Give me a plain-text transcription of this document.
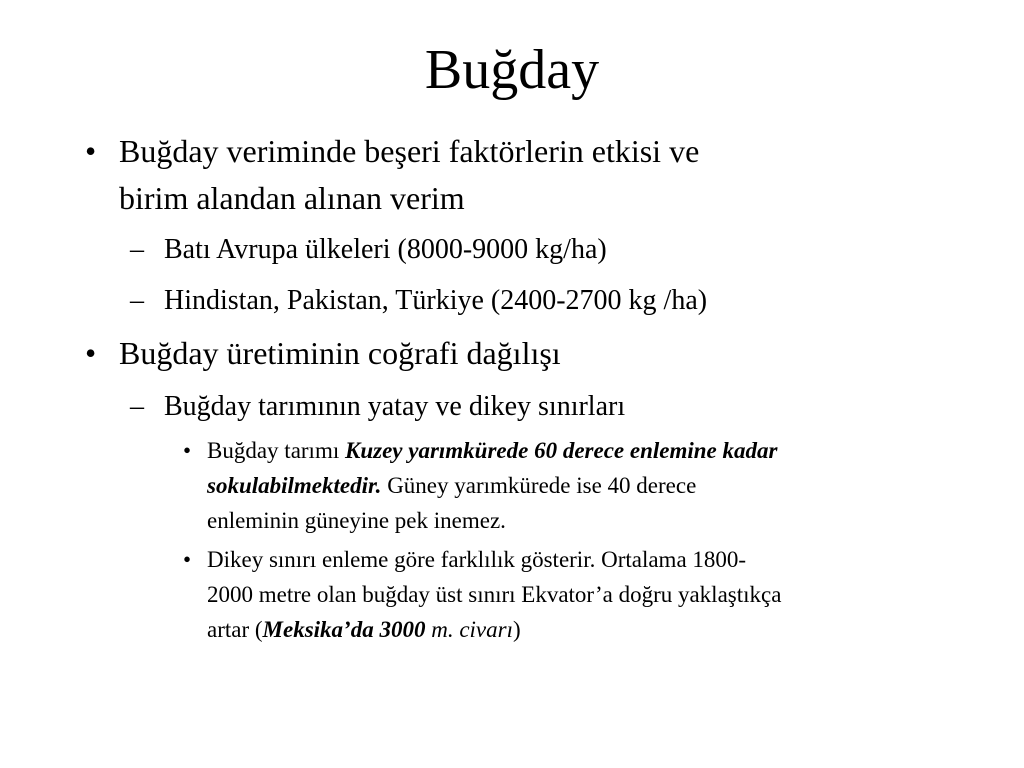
Buğday
• Buğday veriminde beşeri faktörlerin etkisi ve
birim alandan alınan verim
– Batı Avrupa ülkeleri (8000-9000 kg/ha)
– Hindistan, Pakistan, Türkiye (2400-2700 kg /ha)
• Buğday üretiminin coğrafi dağılışı
– Buğday tarımının yatay ve dikey sınırları
• Buğday tarımı Kuzey yarımkürede 60 derece enlemine kadar
sokulabilmektedir. Güney yarımkürede ise 40 derece
enleminin güneyine pek inemez.
• Dikey sınırı enleme göre farklılık gösterir. Ortalama 1800-
2000 metre olan buğday üst sınırı Ekvator’a doğru yaklaştıkça
artar (Meksika’da 3000 m. civarı)
